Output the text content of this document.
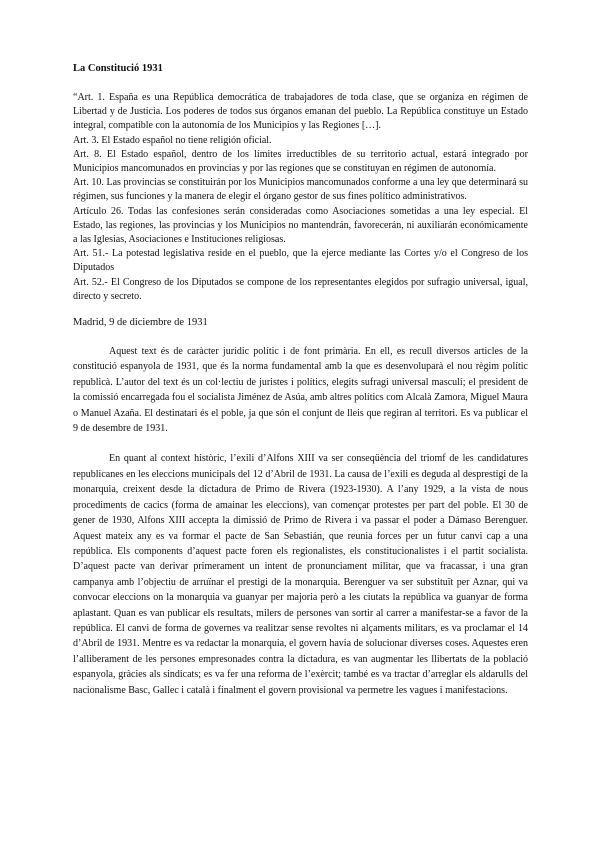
La Constitució 1931

“Art. 1. España es una República democrática de trabajadores de toda clase, que se organiza en régimen de Libertad y de Justicia. Los poderes de todos sus órganos emanan del pueblo. La República constituye un Estado integral, compatible con la autonomía de los Municipios y las Regiones […].

Art. 3. El Estado español no tiene religión oficial.

Art. 8. El Estado español, dentro de los límites irreductibles de su territorio actual, estará integrado por Municipios mancomunados en provincias y por las regiones que se constituyan en régimen de autonomía.

Art. 10. Las provincias se constituirán por los Municipios mancomunados conforme a una ley que determinará su régimen, sus funciones y la manera de elegir el órgano gestor de sus fines político administrativos.

Artículo 26. Todas las confesiones serán consideradas como Asociaciones sometidas a una ley especial. El Estado, las regiones, las provincias y los Municipios no mantendrán, favorecerán, ni auxiliarán económicamente a las Iglesias, Asociaciones e Instituciones religiosas.

Art. 51.- La potestad legislativa reside en el pueblo, que la ejerce mediante las Cortes y/o el Congreso de los Diputados

Art. 52.- El Congreso de los Diputados se compone de los representantes elegidos por sufragio universal, igual, directo y secreto.

Madrid, 9 de diciembre de 1931

Aquest text és de caràcter jurídic polític i de font primària. En ell, es recull diversos articles de la constitució espanyola de 1931, que és la norma fundamental amb la que es desenvoluparà el nou règim polític republicà. L’autor del text és un col·lectiu de juristes i polítics, elegits sufragi universal masculí; el president de la comissió encarregada fou el socialista Jiménez de Asúa, amb altres polítics com Alcalà Zamora, Miguel Maura o Manuel Azaña. El destinatari és el poble, ja que són el conjunt de lleis que regiran al territori. Es va publicar el 9 de desembre de 1931.

En quant al context històric, l’exili d’Alfons XIII va ser conseqüència del triomf de les candidatures republicanes en les eleccions municipals del 12 d’Abril de 1931. La causa de l’exili es deguda al desprestigi de la monarquia, creixent desde la dictadura de Primo de Rivera (1923-1930). A l’any 1929, a la vista de nous procediments de cacics (forma de amainar les eleccions), van començar protestes per part del poble. El 30 de gener de 1930, Alfons XIII accepta la dimissió de Primo de Rivera i va passar el poder a Dámaso Berenguer. Aquest mateix any es va formar el pacte de San Sebastián, que reunia forces per un futur canvi cap a una república. Els components d’aquest pacte foren els regionalistes, els constitucionalistes i el partit socialista. D’aquest pacte van derivar primerament un intent de pronunciament militar, que va fracassar, i una gran campanya amb l’objectiu de arruïnar el prestigi de la monarquia. Berenguer va ser substituït per Aznar, qui va convocar eleccions on la monarquia va guanyar per majoria però a les ciutats la república va guanyar de forma aplastant. Quan es van publicar els resultats, milers de persones van sortir al carrer a manifestar-se a favor de la república. El canvi de forma de governes va realitzar sense revoltes ni alçaments militars, es va proclamar el 14 d’Abril de 1931. Mentre es va redactar la monarquia, el govern havia de solucionar diverses coses. Aquestes eren l’alliberament de les persones empresonades contra la dictadura, es van augmentar les llibertats de la població espanyola, gràcies als sindicats; es va fer una reforma de l’exèrcit; també es va tractar d’arreglar els aldarulls del nacionalisme Basc, Gallec i català i finalment el govern provisional va permetre les vagues i manifestacions.
